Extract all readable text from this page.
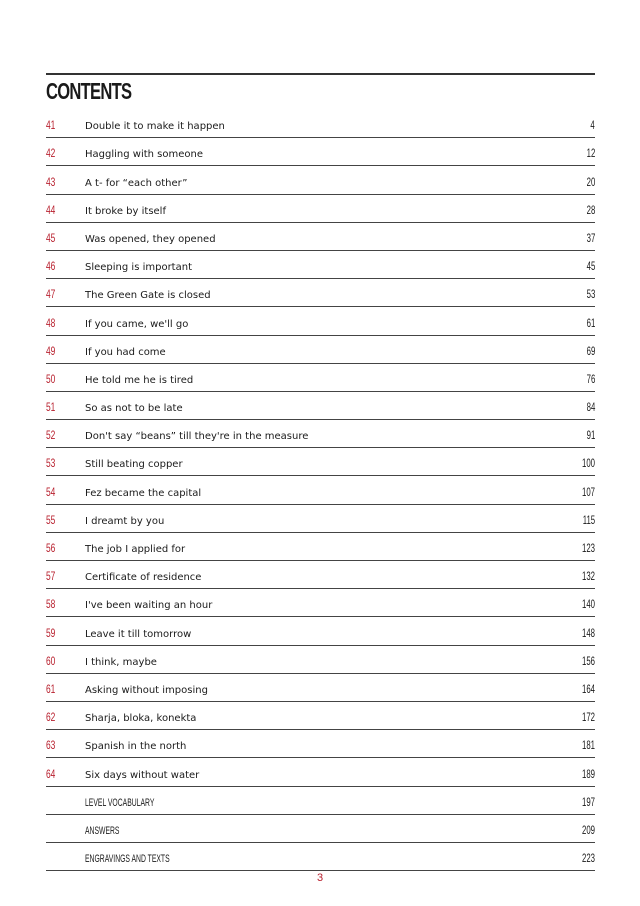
CONTENTS
41	Double it to make it happen	4
42	Haggling with someone	12
43	A t- for “each other”	20
44	It broke by itself	28
45	Was opened, they opened	37
46	Sleeping is important	45
47	The Green Gate is closed	53
48	If you came, we'll go	61
49	If you had come	69
50	He told me he is tired	76
51	So as not to be late	84
52	Don't say “beans” till they're in the measure	91
53	Still beating copper	100
54	Fez became the capital	107
55	I dreamt by you	115
56	The job I applied for	123
57	Certificate of residence	132
58	I've been waiting an hour	140
59	Leave it till tomorrow	148
60	I think, maybe	156
61	Asking without imposing	164
62	Sharja, bloka, konekta	172
63	Spanish in the north	181
64	Six days without water	189
LEVEL VOCABULARY	197
ANSWERS	209
ENGRAVINGS AND TEXTS	223
3
